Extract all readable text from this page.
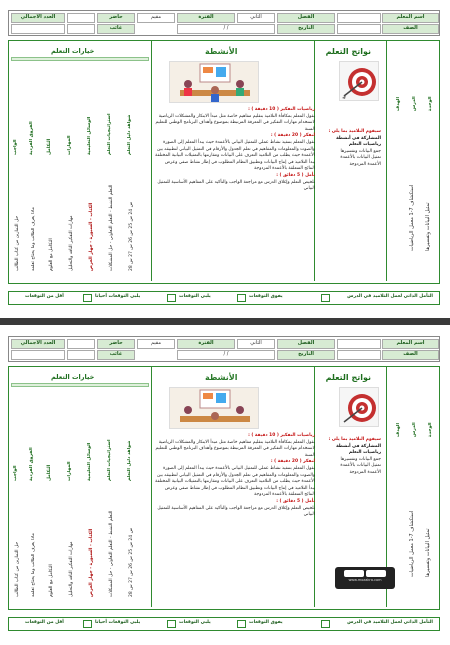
اسم المعلم
الصف
الفصل
الثاني
التاريخ
/ /
الفترة
مقيم
حاضر
غائب
العدد الاجمالي
الوحدة
الدرس
الهدف
تمثيل البيانات وتفسيرها
استكشاف 7-1 معمل الرياضيات
نواتج التعلم
سيقوم التلاميذ بما يلي :
المشاركة في أنشطة رياضيات التعلم
جمع البيانات وتفسيرها
تمثيل البيانات بالأعمدة
الأعمدة المزدوجة
الأنشطة
رياضيات التفكير ( 10 دقيقة ) :
يقول المعلم بمكافأة التلاميذ بتقليم مفاهيم خاصة مثل مبدأ الابتكار والمشكلات الرياضية لاستخدام مهارات التفكير في المعرفة المرتبطة بموضوع وأهداف البرنامج الوطني للتعليم السنة
لنفكر ( 20 دقيقة ) :
يقول المعلم بتنفيذ نشاط عملي للتمثيل البياني بالأعمدة حيث يبدأ المعلم إلى الصورة والصوت والمعلومات والمفاهيم في تعلم الجدول والأرقام في التمثيل البياني لتطبيقه بين الأعمدة حيث يطلب من التلاميذ التعرف على البيانات ومقارنتها بالتمثيلات البيانية المختلفة
يبدأ التلاميذ في إنتاج البيانات وتطبيق النظام المطلوب في إطار نشاط صفي وعرض النتائج المتعلقة بالأعمدة المزدوجة
تأمل ( 5 دقائق ) :
تلخيص التعلم وإغلاق الدرس مع مراجعة الواجب والتأكيد على المفاهيم الأساسية للتمثيل البياني
خيارات التعلم
شواهد دليل التعلم
استراتيجيات التعلم
الوسائل التعليمية
المهارات
التكامل
الفروق الفردية
الواجب
س 24 س 25 س 26 س 27 س 28
التعلم النشط - التعلم التعاوني - حل المشكلات
الكتاب - السبورة - جهاز العرض
مهارات التفكير الناقد والتحليل
التكامل مع العلوم
ماذا يعرف الطالب وما يحتاج تعلمه
حل التمارين من كتاب الطالب
التأمل الذاتي لعمل التلاميذ في الدرس
يفوق التوقعات
يلبي التوقعات
يلبي التوقعات أحيانا
أقل من التوقعات
اسم المعلم
الصف
الفصل
الثاني
التاريخ
/ /
الفترة
مقيم
حاضر
غائب
العدد الاجمالي
الوحدة
الدرس
الهدف
تمثيل البيانات وتفسيرها
استكشاف 7-1 معمل الرياضيات
نواتج التعلم
سيقوم التلاميذ بما يلي :
المشاركة في أنشطة رياضيات التعلم
جمع البيانات وتفسيرها
تمثيل البيانات بالأعمدة
الأعمدة المزدوجة
الأنشطة
رياضيات التفكير ( 10 دقيقة ) :
يقول المعلم بمكافأة التلاميذ بتقليم مفاهيم خاصة مثل مبدأ الابتكار والمشكلات الرياضية لاستخدام مهارات التفكير في المعرفة المرتبطة بموضوع وأهداف البرنامج الوطني للتعليم السنة
لنفكر ( 20 دقيقة ) :
يقول المعلم بتنفيذ نشاط عملي للتمثيل البياني بالأعمدة حيث يبدأ المعلم إلى الصورة والصوت والمعلومات والمفاهيم في تعلم الجدول والأرقام في التمثيل البياني لتطبيقه بين الأعمدة حيث يطلب من التلاميذ التعرف على البيانات ومقارنتها بالتمثيلات البيانية المختلفة
يبدأ التلاميذ في إنتاج البيانات وتطبيق النظام المطلوب في إطار نشاط صفي وعرض النتائج المتعلقة بالأعمدة المزدوجة
تأمل ( 5 دقائق ) :
تلخيص التعلم وإغلاق الدرس مع مراجعة الواجب والتأكيد على المفاهيم الأساسية للتمثيل البياني
خيارات التعلم
شواهد دليل التعلم
استراتيجيات التعلم
الوسائل التعليمية
المهارات
التكامل
الفروق الفردية
الواجب
س 24 س 25 س 26 س 27 س 28
التعلم النشط - التعلم التعاوني - حل المشكلات
الكتاب - السبورة - جهاز العرض
مهارات التفكير الناقد والتحليل
التكامل مع العلوم
ماذا يعرف الطالب وما يحتاج تعلمه
حل التمارين من كتاب الطالب
	www.mozakra.com
التأمل الذاتي لعمل التلاميذ في الدرس
يفوق التوقعات
يلبي التوقعات
يلبي التوقعات أحيانا
أقل من التوقعات
